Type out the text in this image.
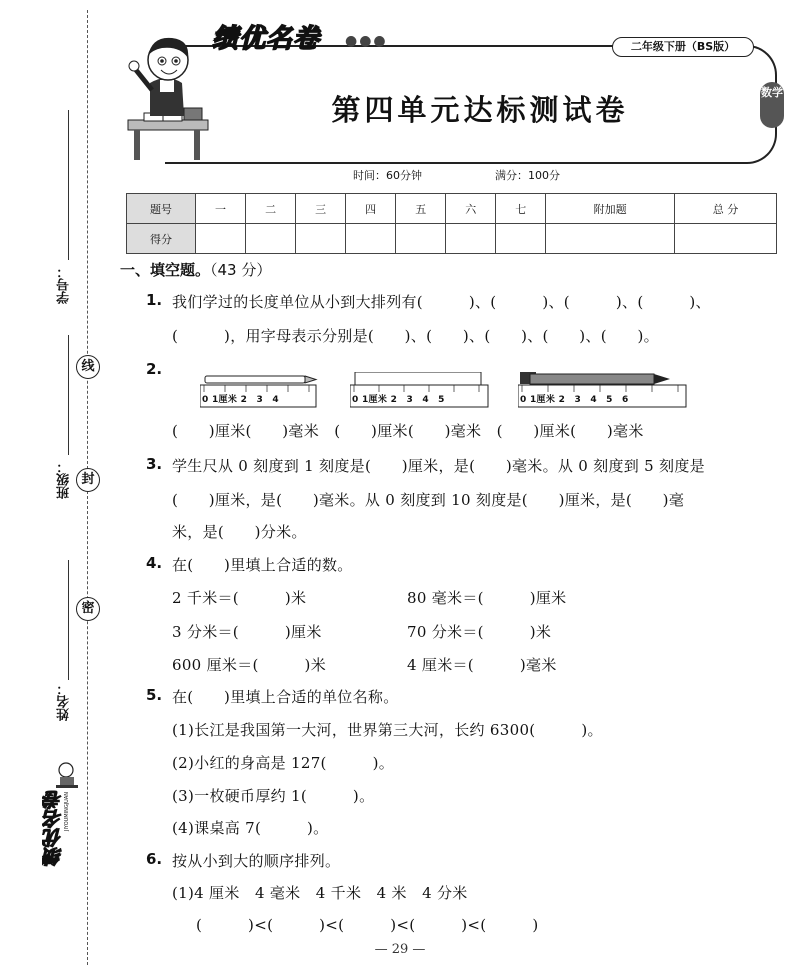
学号：
线
班级： 封
姓名：
密
绩优名卷 JIYOUMINGJUAN
绩优名卷 ●●●	二年级下册（BS版）
第四单元达标测试卷
数学
时间：60分钟	满分：100分
题号	一	二	三	四	五	六	七	附加题	总 分
得分									
一、填空题。（43 分）
1. 我们学过的长度单位从小到大排列有(　　　)、(　　　)、(　　　)、(　　　)、
(　　　)，用字母表示分别是(　　)、(　　)、(　　)、(　　)、(　　)。
2.
0 1厘米 2　3　4	0 1厘米 2　3　4　5	0 1厘米 2　3　4　5　6
(　　)厘米(　　)毫米　(　　)厘米(　　)毫米　(　　)厘米(　　)毫米
3. 学生尺从 0 刻度到 1 刻度是(　　)厘米，是(　　)毫米。从 0 刻度到 5 刻度是
(　　)厘米，是(　　)毫米。从 0 刻度到 10 刻度是(　　)厘米，是(　　)毫
米，是(　　)分米。
4. 在(　　)里填上合适的数。
2 千米＝(　　　)米	80 毫米＝(　　　)厘米
3 分米＝(　　　)厘米	70 分米＝(　　　)米
600 厘米＝(　　　)米	4 厘米＝(　　　)毫米
5. 在(　　)里填上合适的单位名称。
(1)长江是我国第一大河，世界第三大河，长约 6300(　　　)。
(2)小红的身高是 127(　　　)。
(3)一枚硬币厚约 1(　　　)。
(4)课桌高 7(　　　)。
6. 按从小到大的顺序排列。
(1)4 厘米　4 毫米　4 千米　4 米　4 分米
(　　　)<(　　　)<(　　　)<(　　　)<(　　　)
— 29 —
